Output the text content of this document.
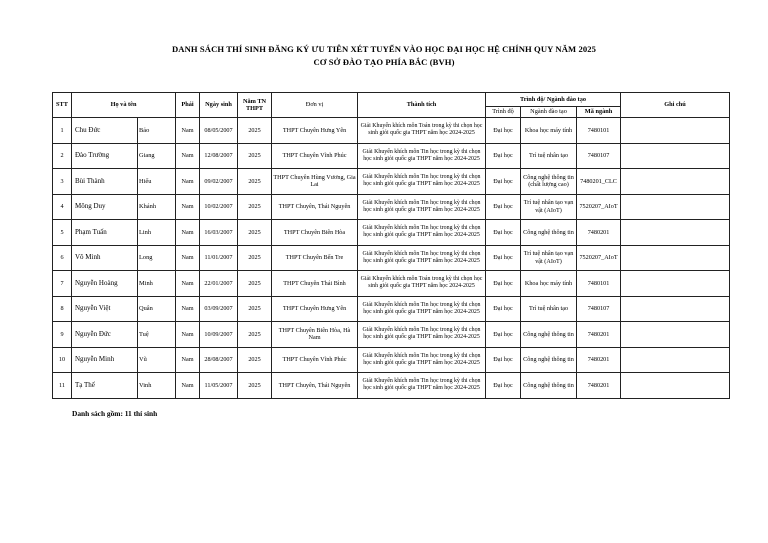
DANH SÁCH THÍ SINH ĐĂNG KÝ ƯU TIÊN XÉT TUYỂN VÀO HỌC ĐẠI HỌC HỆ CHÍNH QUY NĂM 2025
CƠ SỞ ĐÀO TẠO PHÍA BẮC (BVH)
STT	Họ và tên		Phái	Ngày sinh	Năm TN THPT	Đơn vị	Thành tích	Trình độ/ Ngành đào tạo			Ghi chú
								Trình độ	Ngành đào tạo	Mã ngành	
1	Chu Đức	Bảo	Nam	08/05/2007	2025	THPT Chuyên Hưng Yên	Giải Khuyến khích môn Toán trong kỳ thi chọn học sinh giỏi quốc gia THPT năm học 2024-2025	Đại học	Khoa học máy tính	7480101	
2	Đào Trường	Giang	Nam	12/08/2007	2025	THPT Chuyên Vĩnh Phúc	Giải Khuyến khích môn Tin học trong kỳ thi chọn học sinh giỏi quốc gia THPT năm học 2024-2025	Đại học	Trí tuệ nhân tạo	7480107	
3	Bùi Thành	Hiếu	Nam	09/02/2007	2025	THPT Chuyên Hùng Vương, Gia Lai	Giải Khuyến khích môn Tin học trong kỳ thi chọn học sinh giỏi quốc gia THPT năm học 2024-2025	Đại học	Công nghệ thông tin (chất lượng cao)	7480201_CLC	
4	Mông Duy	Khánh	Nam	10/02/2007	2025	THPT Chuyên, Thái Nguyên	Giải Khuyến khích môn Tin học trong kỳ thi chọn học sinh giỏi quốc gia THPT năm học 2024-2025	Đại học	Trí tuệ nhân tạo vạn vật (AIoT)	7520207_AIoT	
5	Phạm Tuấn	Linh	Nam	16/03/2007	2025	THPT Chuyên Biên Hòa	Giải Khuyến khích môn Tin học trong kỳ thi chọn học sinh giỏi quốc gia THPT năm học 2024-2025	Đại học	Công nghệ thông tin	7480201	
6	Võ Minh	Long	Nam	11/01/2007	2025	THPT Chuyên Bến Tre	Giải Khuyến khích môn Tin học trong kỳ thi chọn học sinh giỏi quốc gia THPT năm học 2024-2025	Đại học	Trí tuệ nhân tạo vạn vật (AIoT)	7520207_AIoT	
7	Nguyễn Hoàng	Minh	Nam	22/01/2007	2025	THPT Chuyên Thái Bình	Giải Khuyến khích môn Toán trong kỳ thi chọn học sinh giỏi quốc gia THPT năm học 2024-2025	Đại học	Khoa học máy tính	7480101	
8	Nguyễn Việt	Quân	Nam	03/09/2007	2025	THPT Chuyên Hưng Yên	Giải Khuyến khích môn Tin học trong kỳ thi chọn học sinh giỏi quốc gia THPT năm học 2024-2025	Đại học	Trí tuệ nhân tạo	7480107	
9	Nguyễn Đức	Tuệ	Nam	10/09/2007	2025	THPT Chuyên Biên Hòa, Hà Nam	Giải Khuyến khích môn Tin học trong kỳ thi chọn học sinh giỏi quốc gia THPT năm học 2024-2025	Đại học	Công nghệ thông tin	7480201	
10	Nguyễn Minh	Vũ	Nam	28/08/2007	2025	THPT Chuyên Vĩnh Phúc	Giải Khuyến khích môn Tin học trong kỳ thi chọn học sinh giỏi quốc gia THPT năm học 2024-2025	Đại học	Công nghệ thông tin	7480201	
11	Tạ Thế	Vinh	Nam	11/05/2007	2025	THPT Chuyên, Thái Nguyên	Giải Khuyến khích môn Tin học trong kỳ thi chọn học sinh giỏi quốc gia THPT năm học 2024-2025	Đại học	Công nghệ thông tin	7480201	
Danh sách gồm: 11 thí sinh
